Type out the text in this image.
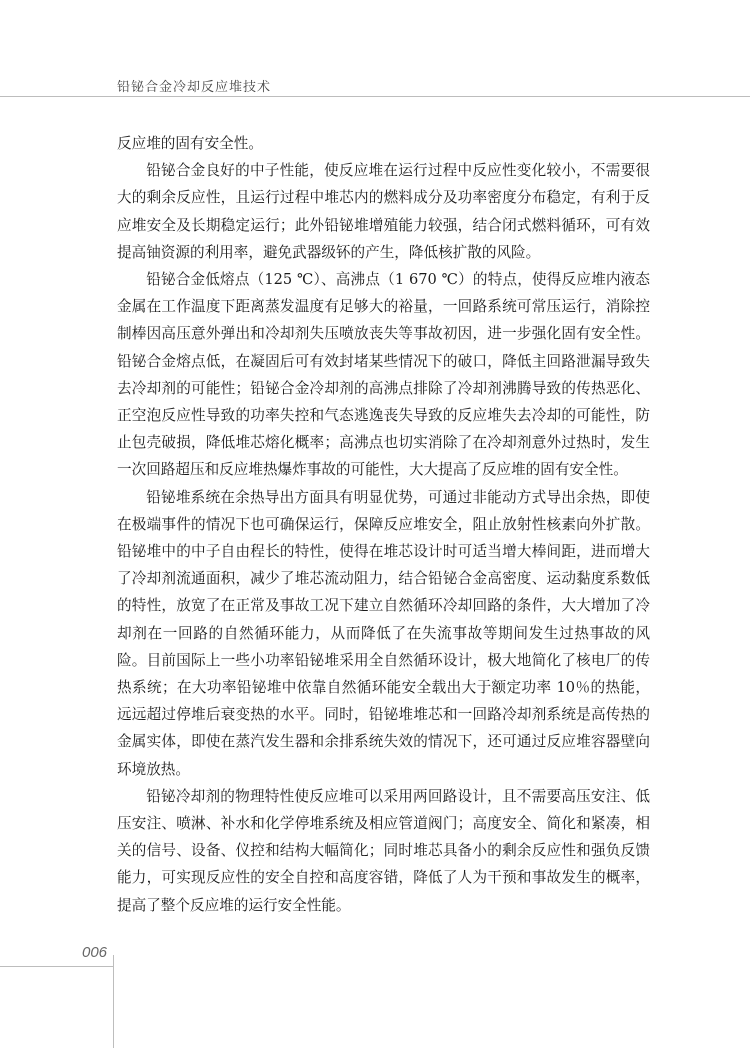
铅铋合金冷却反应堆技术

反应堆的固有安全性。

铅铋合金良好的中子性能，使反应堆在运行过程中反应性变化较小，不需要很大的剩余反应性，且运行过程中堆芯内的燃料成分及功率密度分布稳定，有利于反应堆安全及长期稳定运行；此外铅铋堆增殖能力较强，结合闭式燃料循环，可有效提高铀资源的利用率，避免武器级钚的产生，降低核扩散的风险。

铅铋合金低熔点（125 ℃）、高沸点（1 670 ℃）的特点，使得反应堆内液态金属在工作温度下距离蒸发温度有足够大的裕量，一回路系统可常压运行，消除控制棒因高压意外弹出和冷却剂失压喷放丧失等事故初因，进一步强化固有安全性。铅铋合金熔点低，在凝固后可有效封堵某些情况下的破口，降低主回路泄漏导致失去冷却剂的可能性；铅铋合金冷却剂的高沸点排除了冷却剂沸腾导致的传热恶化、正空泡反应性导致的功率失控和气态逃逸丧失导致的反应堆失去冷却的可能性，防止包壳破损，降低堆芯熔化概率；高沸点也切实消除了在冷却剂意外过热时，发生一次回路超压和反应堆热爆炸事故的可能性，大大提高了反应堆的固有安全性。

铅铋堆系统在余热导出方面具有明显优势，可通过非能动方式导出余热，即使在极端事件的情况下也可确保运行，保障反应堆安全，阻止放射性核素向外扩散。铅铋堆中的中子自由程长的特性，使得在堆芯设计时可适当增大棒间距，进而增大了冷却剂流通面积，减少了堆芯流动阻力，结合铅铋合金高密度、运动黏度系数低的特性，放宽了在正常及事故工况下建立自然循环冷却回路的条件，大大增加了冷却剂在一回路的自然循环能力，从而降低了在失流事故等期间发生过热事故的风险。目前国际上一些小功率铅铋堆采用全自然循环设计，极大地简化了核电厂的传热系统；在大功率铅铋堆中依靠自然循环能安全载出大于额定功率 10％的热能，远远超过停堆后衰变热的水平。同时，铅铋堆堆芯和一回路冷却剂系统是高传热的金属实体，即使在蒸汽发生器和余排系统失效的情况下，还可通过反应堆容器壁向环境放热。

铅铋冷却剂的物理特性使反应堆可以采用两回路设计，且不需要高压安注、低压安注、喷淋、补水和化学停堆系统及相应管道阀门；高度安全、简化和紧凑，相关的信号、设备、仪控和结构大幅简化；同时堆芯具备小的剩余反应性和强负反馈能力，可实现反应性的安全自控和高度容错，降低了人为干预和事故发生的概率，提高了整个反应堆的运行安全性能。

006
